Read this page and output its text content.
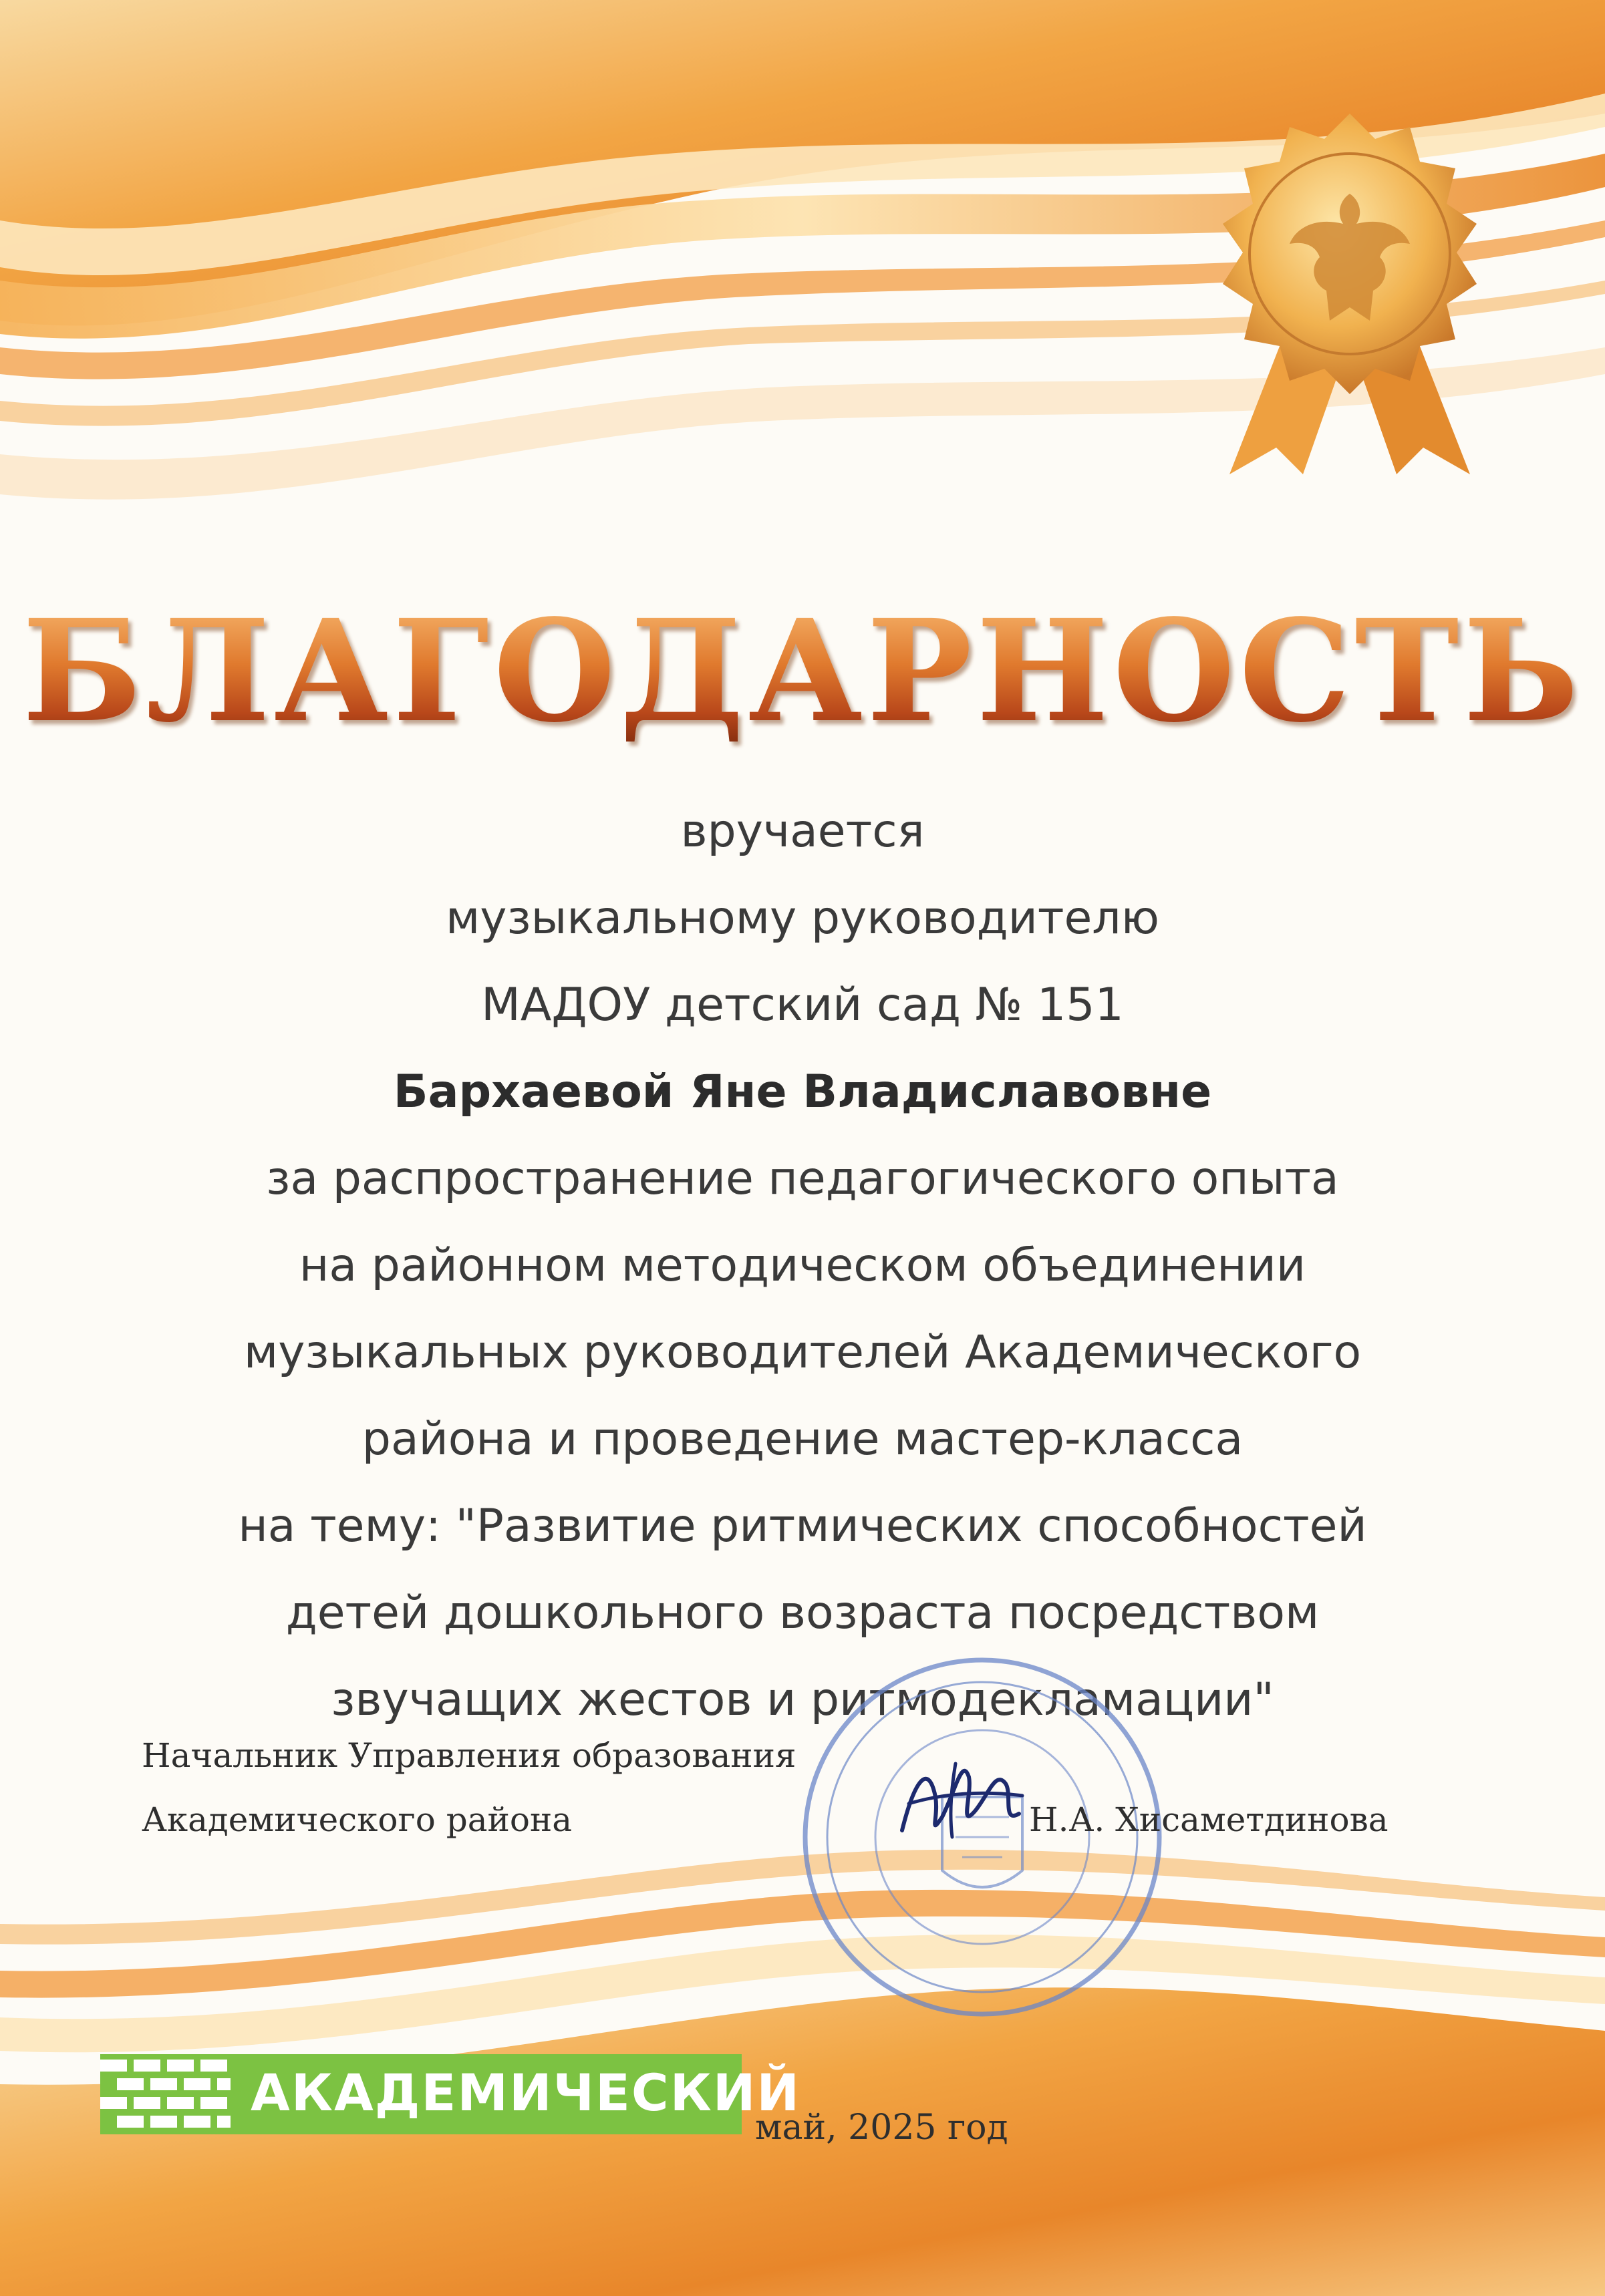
БЛАГОДАРНОСТЬ
вручается
музыкальному руководителю
МАДОУ детский сад № 151
Бархаевой Яне Владиславовне
за распространение педагогического опыта
на районном методическом объединении
музыкальных руководителей Академического
района и проведение мастер-класса
на тему: "Развитие ритмических способностей
детей дошкольного возраста посредством
звучащих жестов и ритмодекламации"
Начальник Управления образования
Академического района	Н.А. Хисаметдинова
АКАДЕМИЧЕСКИЙ
май, 2025 год
